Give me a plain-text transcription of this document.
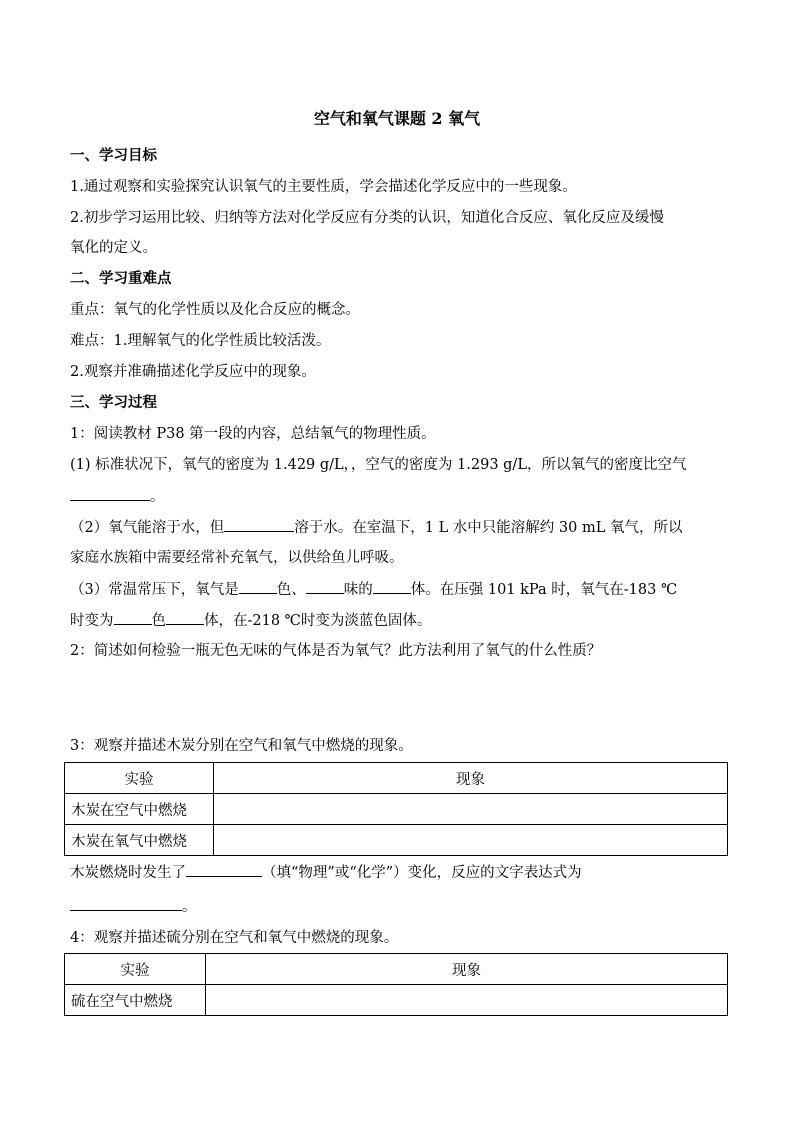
空气和氧气课题 2 氧气
一、学习目标
1.通过观察和实验探究认识氧气的主要性质，学会描述化学反应中的一些现象。
2.初步学习运用比较、归纳等方法对化学反应有分类的认识，知道化合反应、氧化反应及缓慢
氧化的定义。
二、学习重难点
重点：氧气的化学性质以及化合反应的概念。
难点：1.理解氧气的化学性质比较活泼。
2.观察并准确描述化学反应中的现象。
三、学习过程
1：阅读教材 P38 第一段的内容，总结氧气的物理性质。
(1) 标准状况下，氧气的密度为 1.429 g/L，，空气的密度为 1.293 g/L，所以氧气的密度比空气
。
（2）氧气能溶于水，但	溶于水。在室温下，1 L 水中只能溶解约 30 mL 氧气，所以
家庭水族箱中需要经常补充氧气，以供给鱼儿呼吸。
（3）常温常压下，氧气是	色、	味的	体。在压强 101 kPa 时，氧气在-183 ℃
时变为	色	体，在-218 ℃时变为淡蓝色固体。
2：简述如何检验一瓶无色无味的气体是否为氧气？此方法利用了氧气的什么性质？
3：观察并描述木炭分别在空气和氧气中燃烧的现象。
实验	现象
木炭在空气中燃烧	
木炭在氧气中燃烧	
木炭燃烧时发生了	（填“物理”或“化学”）变化，反应的文字表达式为
。
4：观察并描述硫分别在空气和氧气中燃烧的现象。
实验	现象
硫在空气中燃烧	
